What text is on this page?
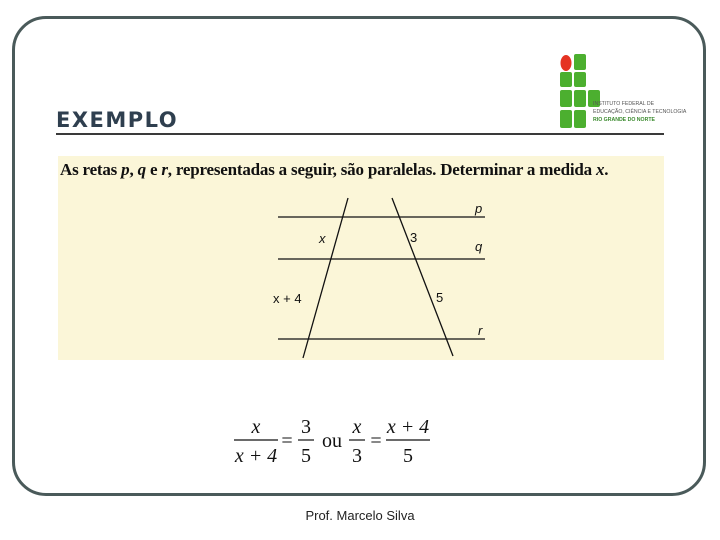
EXEMPLO
INSTITUTO FEDERAL DE
EDUCAÇÃO, CIÊNCIA E TECNOLOGIA
RIO GRANDE DO NORTE
As retas p, q e r, representadas a seguir, são paralelas. Determinar a medida x.
p
q
r
x	3
x + 4	5
x
x + 4
=
3
5
ou
x
3
=
x + 4
5
Prof. Marcelo Silva
